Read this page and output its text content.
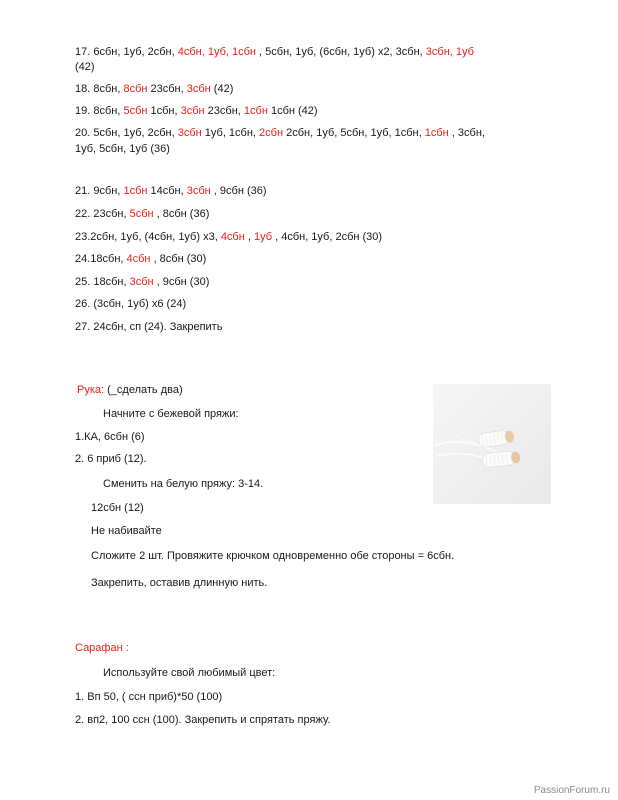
17. 6сбн, 1уб, 2сбн, 4сбн, 1уб, 1сбн , 5сбн, 1уб, (6сбн, 1уб) х2, 3сбн, 3сбн, 1уб
(42)
18. 8сбн, 8сбн 23сбн, 3сбн (42)
19. 8сбн, 5сбн 1сбн, 3сбн 23сбн, 1сбн 1сбн (42)
20. 5сбн, 1уб, 2сбн, 3сбн 1уб, 1сбн, 2сбн 2сбн, 1уб, 5сбн, 1уб, 1сбн, 1сбн , 3сбн,
1уб, 5сбн, 1уб (36)
21. 9сбн, 1сбн 14сбн, 3сбн , 9сбн (36)
22. 23сбн, 5сбн , 8сбн (36)
23.2сбн, 1уб, (4сбн, 1уб) х3, 4сбн , 1уб , 4сбн, 1уб, 2сбн (30)
24.18сбн, 4сбн , 8сбн (30)
25. 18сбн, 3сбн , 9сбн (30)
26. (3сбн, 1уб) х6 (24)
27. 24сбн, сп (24). Закрепить
Рука: (_сделать два)
Начните с бежевой пряжи:
1.КА, 6сбн (6)
2. 6 приб (12).
Сменить на белую пряжу: 3-14.
12сбн (12)
Не набивайте
Сложите 2 шт. Провяжите крючком одновременно обе стороны = 6сбн.
Закрепить, оставив длинную нить.
Сарафан :
Используйте свой любимый цвет:
1. Вп 50, ( ссн приб)*50 (100)
2. вп2, 100 ссн (100). Закрепить и спрятать пряжу.
PassionForum.ru
